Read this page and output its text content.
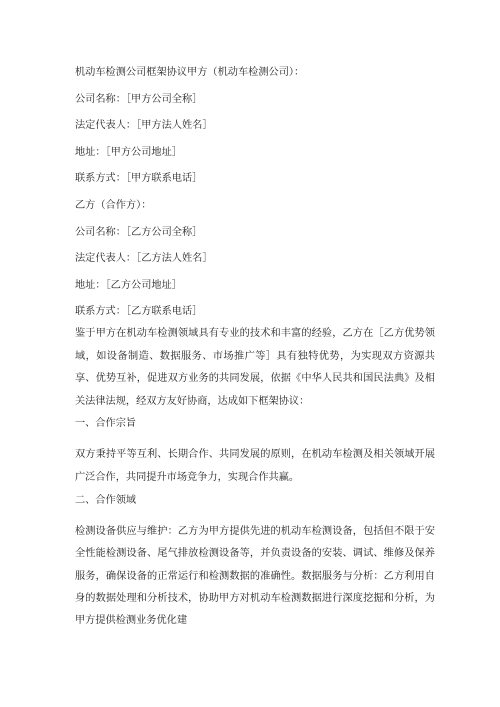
机动车检测公司框架协议甲方（机动车检测公司）：

公司名称：［甲方公司全称］

法定代表人：［甲方法人姓名］

地址：［甲方公司地址］

联系方式：［甲方联系电话］

乙方（合作方）：

公司名称：［乙方公司全称］

法定代表人：［乙方法人姓名］

地址：［乙方公司地址］

联系方式：［乙方联系电话］

鉴于甲方在机动车检测领域具有专业的技术和丰富的经验，乙方在［乙方优势领域，如设备制造、数据服务、市场推广等］具有独特优势，为实现双方资源共享、优势互补，促进双方业务的共同发展，依据《中华人民共和国民法典》及相关法律法规，经双方友好协商，达成如下框架协议：

一、合作宗旨

双方秉持平等互利、长期合作、共同发展的原则，在机动车检测及相关领域开展广泛合作，共同提升市场竞争力，实现合作共赢。

二、合作领域

检测设备供应与维护：乙方为甲方提供先进的机动车检测设备，包括但不限于安全性能检测设备、尾气排放检测设备等，并负责设备的安装、调试、维修及保养服务，确保设备的正常运行和检测数据的准确性。数据服务与分析：乙方利用自身的数据处理和分析技术，协助甲方对机动车检测数据进行深度挖掘和分析，为甲方提供检测业务优化建
